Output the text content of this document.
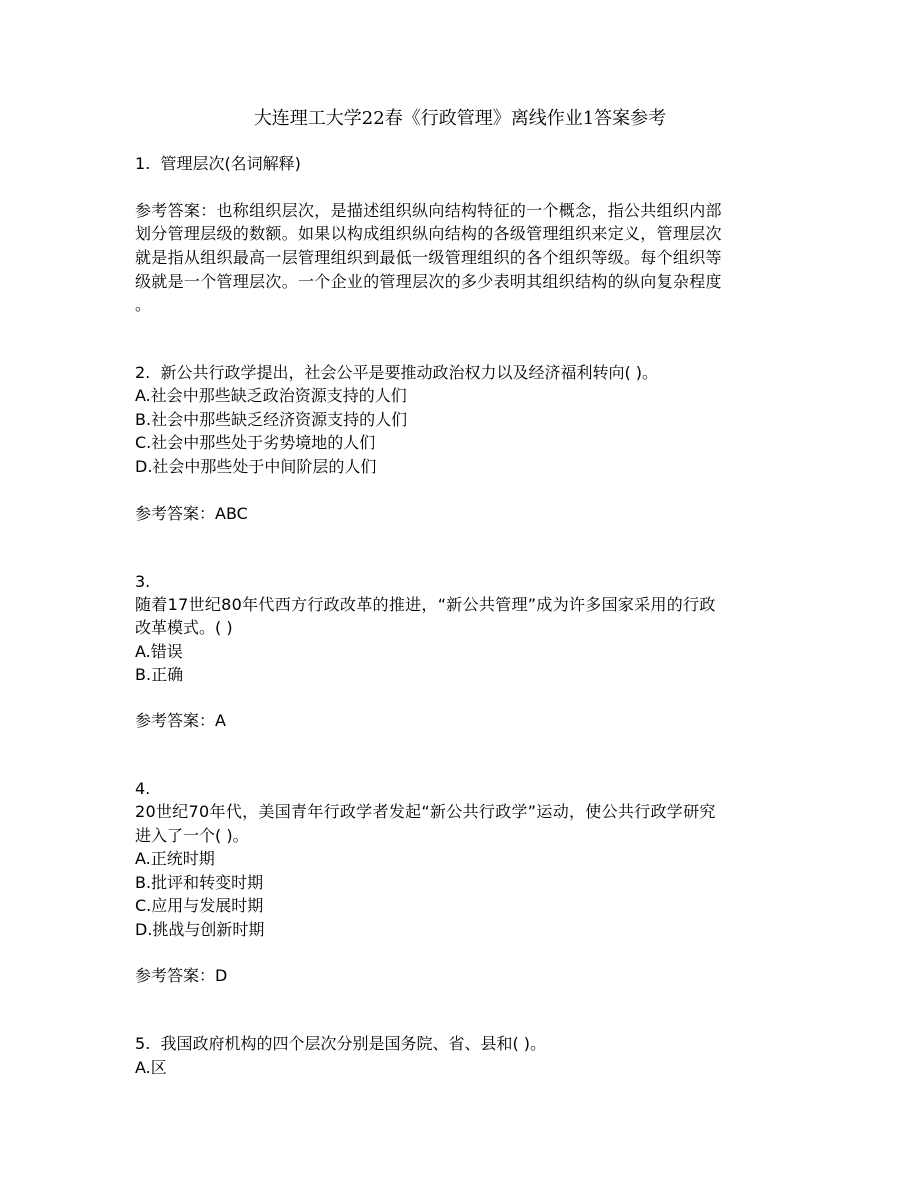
大连理工大学22春《行政管理》离线作业1答案参考
1. 管理层次(名词解释)
参考答案：也称组织层次，是描述组织纵向结构特征的一个概念，指公共组织内部
划分管理层级的数额。如果以构成组织纵向结构的各级管理组织来定义，管理层次
就是指从组织最高一层管理组织到最低一级管理组织的各个组织等级。每个组织等
级就是一个管理层次。一个企业的管理层次的多少表明其组织结构的纵向复杂程度
。
2. 新公共行政学提出，社会公平是要推动政治权力以及经济福利转向( )。
A.社会中那些缺乏政治资源支持的人们
B.社会中那些缺乏经济资源支持的人们
C.社会中那些处于劣势境地的人们
D.社会中那些处于中间阶层的人们
参考答案：ABC
3.
随着17世纪80年代西方行政改革的推进，“新公共管理”成为许多国家采用的行政
改革模式。( )
A.错误
B.正确
参考答案：A
4.
20世纪70年代，美国青年行政学者发起“新公共行政学”运动，使公共行政学研究
进入了一个( )。
A.正统时期
B.批评和转变时期
C.应用与发展时期
D.挑战与创新时期
参考答案：D
5. 我国政府机构的四个层次分别是国务院、省、县和( )。
A.区
